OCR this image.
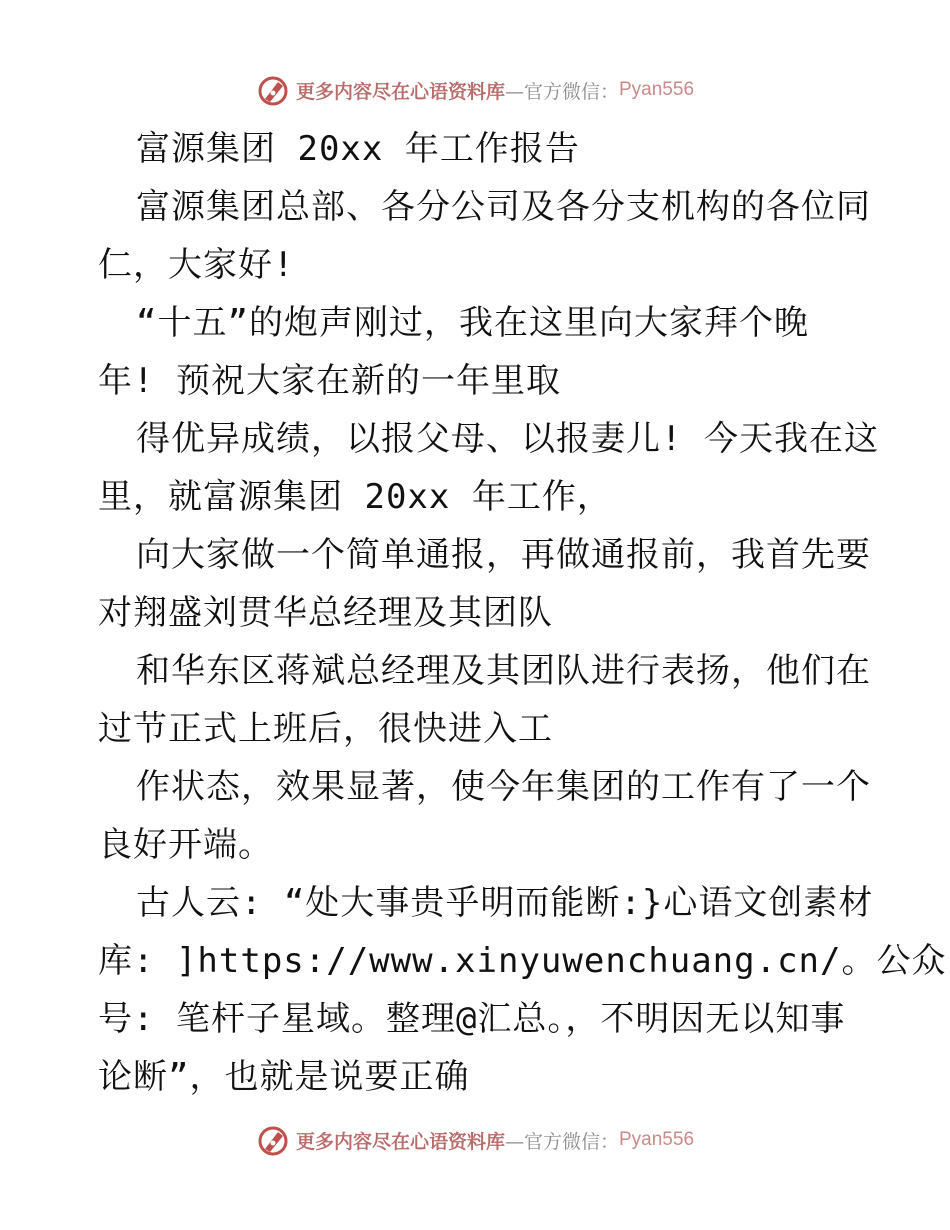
更多内容尽在心语资料库 —官方微信： Pyan556
富源集团 20xx 年工作报告
富源集团总部、各分公司及各分支机构的各位同
仁，大家好!
“十五”的炮声刚过，我在这里向大家拜个晚
年! 预祝大家在新的一年里取
得优异成绩，以报父母、以报妻儿! 今天我在这
里，就富源集团 20xx 年工作，
向大家做一个简单通报，再做通报前，我首先要
对翔盛刘贯华总经理及其团队
和华东区蒋斌总经理及其团队进行表扬，他们在
过节正式上班后，很快进入工
作状态，效果显著，使今年集团的工作有了一个
良好开端。
古人云: “处大事贵乎明而能断:}心语文创素材
库: ]https://www.xinyuwenchuang.cn/。公众
号: 笔杆子星域。整理@汇总。，不明因无以知事
论断”，也就是说要正确
更多内容尽在心语资料库 —官方微信： Pyan556
